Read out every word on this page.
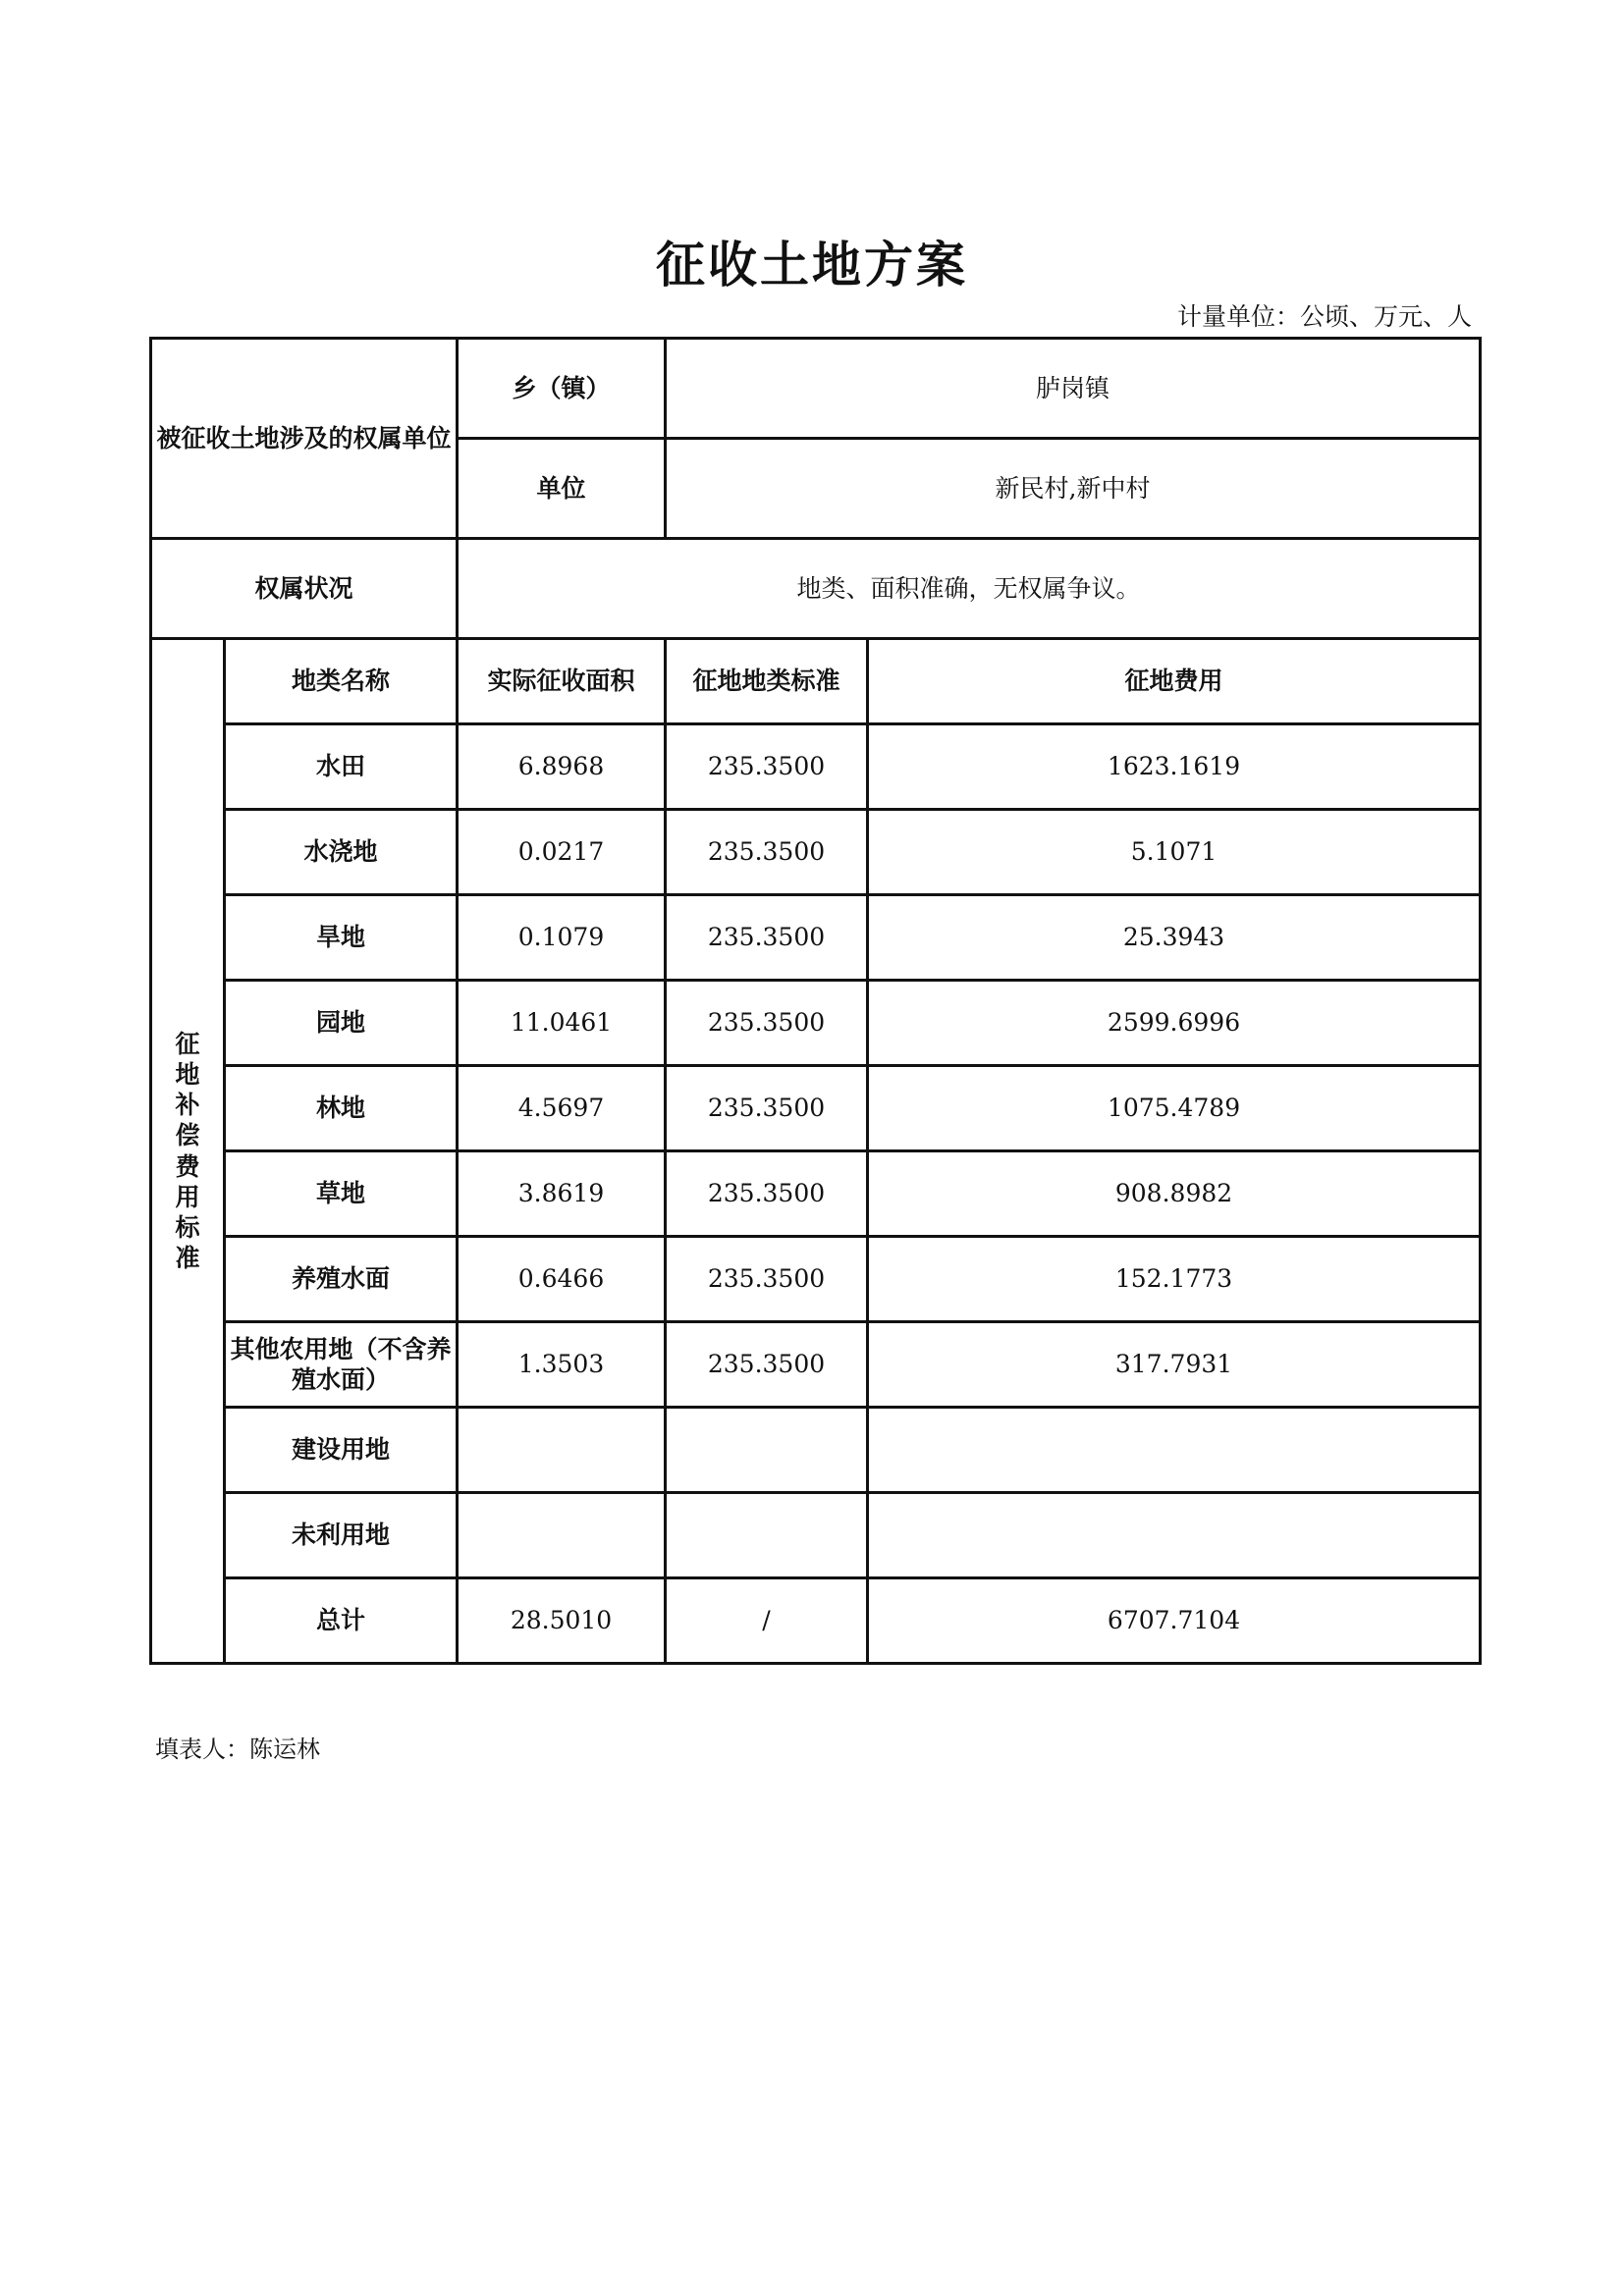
征收土地方案
计量单位：公顷、万元、人
被征收土地涉及的权属单位		乡（镇）	胪岗镇	
		单位	新民村,新中村	
权属状况		地类、面积准确，无权属争议。		
征地补偿费用标准	地类名称	实际征收面积	征地地类标准	征地费用
	水田	6.8968	235.3500	1623.1619
	水浇地	0.0217	235.3500	5.1071
	旱地	0.1079	235.3500	25.3943
	园地	11.0461	235.3500	2599.6996
	林地	4.5697	235.3500	1075.4789
	草地	3.8619	235.3500	908.8982
	养殖水面	0.6466	235.3500	152.1773
	其他农用地（不含养殖水面）	1.3503	235.3500	317.7931
	建设用地			
	未利用地			
	总计	28.5010	/	6707.7104
填表人：陈运林
